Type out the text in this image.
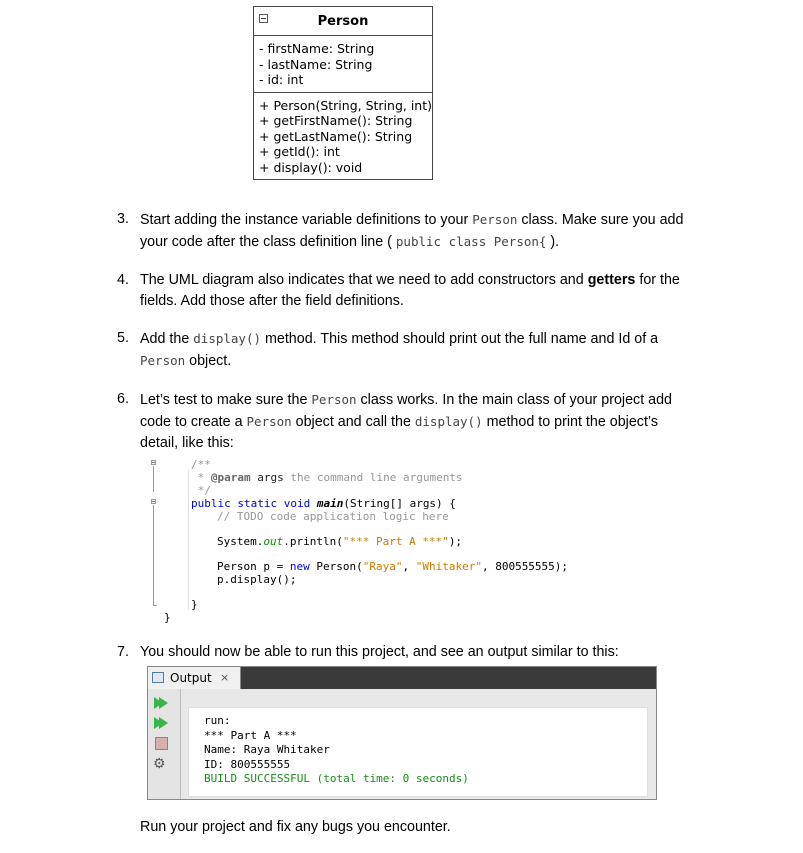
Person
- firstName: String
- lastName: String
- id: int
+ Person(String, String, int)
+ getFirstName(): String
+ getLastName(): String
+ getId(): int
+ display(): void
3. Start adding the instance variable definitions to your Person class. Make sure you add
your code after the class definition line ( public class Person{ ).
4. The UML diagram also indicates that we need to add constructors and getters for the
fields. Add those after the field definitions.
5. Add the display() method. This method should print out the full name and Id of a
Person object.
6. Let’s test to make sure the Person class works. In the main class of your project add
code to create a Person object and call the display() method to print the object’s
detail, like this:
/**
* @param args the command line arguments
*/
public static void main(String[] args) {
// TODO code application logic here
System.out.println("*** Part A ***");
Person p = new Person("Raya", "Whitaker", 800555555);
p.display();
}
}
7. You should now be able to run this project, and see an output similar to this:
Output ×
⚙
run:
*** Part A ***
Name: Raya Whitaker
ID: 800555555
BUILD SUCCESSFUL (total time: 0 seconds)
Run your project and fix any bugs you encounter.
